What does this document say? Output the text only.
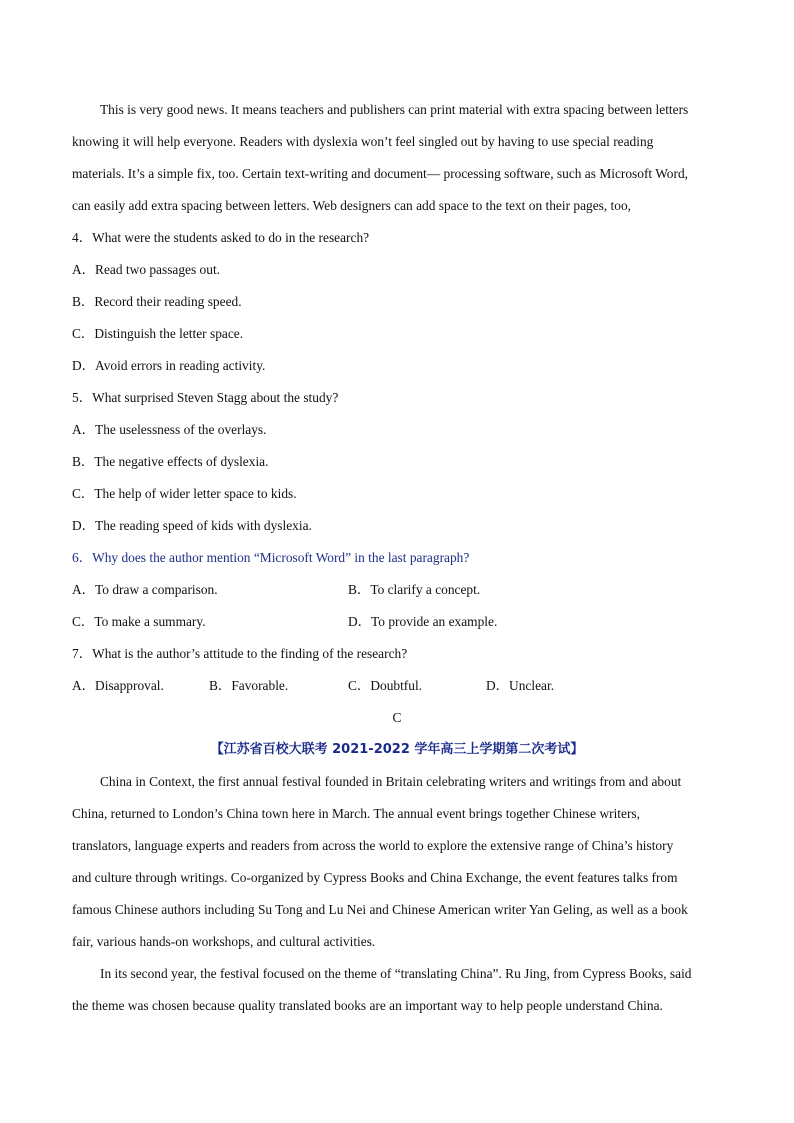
This is very good news. It means teachers and publishers can print material with extra spacing between letters
knowing it will help everyone. Readers with dyslexia won’t feel singled out by having to use special reading
materials. It’s a simple fix, too. Certain text-writing and document— processing software, such as Microsoft Word,
can easily add extra spacing between letters. Web designers can add space to the text on their pages, too,
4．What were the students asked to do in the research?
A．Read two passages out.
B．Record their reading speed.
C．Distinguish the letter space.
D．Avoid errors in reading activity.
5．What surprised Steven Stagg about the study?
A．The uselessness of the overlays.
B．The negative effects of dyslexia.
C．The help of wider letter space to kids.
D．The reading speed of kids with dyslexia.
6．Why does the author mention “Microsoft Word” in the last paragraph?
A．To draw a comparison.	B．To clarify a concept.
C．To make a summary.	D．To provide an example.
7．What is the author’s attitude to the finding of the research?
A．Disapproval.	B．Favorable.	C．Doubtful.	D．Unclear.
C
【江苏省百校大联考 2021-2022 学年高三上学期第二次考试】
China in Context, the first annual festival founded in Britain celebrating writers and writings from and about
China, returned to London’s China town here in March. The annual event brings together Chinese writers,
translators, language experts and readers from across the world to explore the extensive range of China’s history
and culture through writings. Co-organized by Cypress Books and China Exchange, the event features talks from
famous Chinese authors including Su Tong and Lu Nei and Chinese American writer Yan Geling, as well as a book
fair, various hands-on workshops, and cultural activities.
In its second year, the festival focused on the theme of “translating China”. Ru Jing, from Cypress Books, said
the theme was chosen because quality translated books are an important way to help people understand China.
